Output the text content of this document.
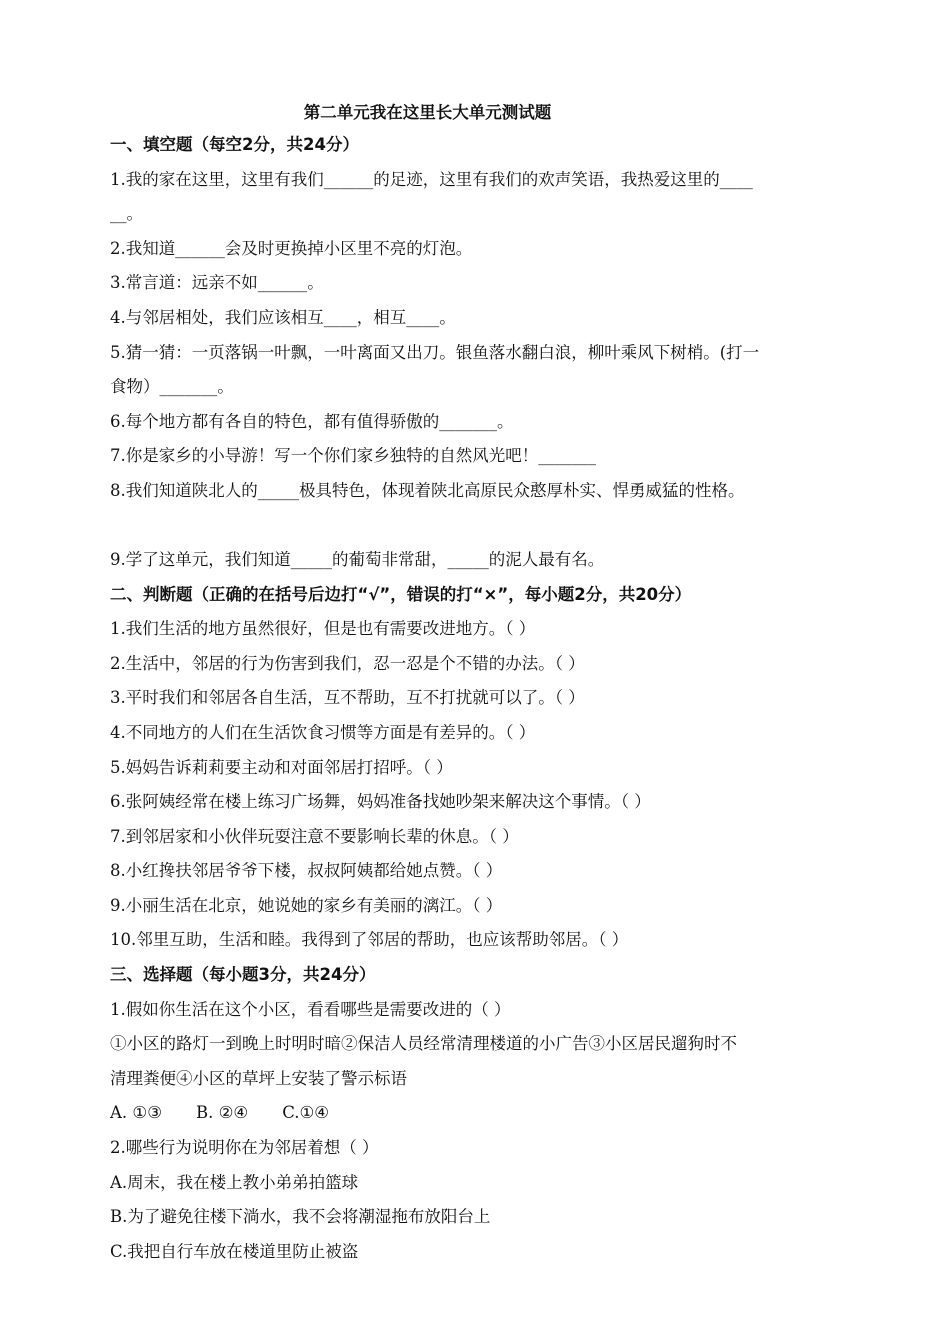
第二单元我在这里长大单元测试题
一、填空题（每空2分，共24分）
1.我的家在这里，这里有我们______的足迹，这里有我们的欢声笑语，我热爱这里的____
__。
2.我知道______会及时更换掉小区里不亮的灯泡。
3.常言道：远亲不如______。
4.与邻居相处，我们应该相互____，相互____。
5.猜一猜：一页落锅一叶飘，一叶离面又出刀。银鱼落水翻白浪，柳叶乘风下树梢。(打一
食物）_______。
6.每个地方都有各自的特色，都有值得骄傲的_______。
7.你是家乡的小导游！写一个你们家乡独特的自然风光吧！_______
8.我们知道陕北人的_____极具特色，体现着陕北高原民众憨厚朴实、悍勇威猛的性格。
9.学了这单元，我们知道_____的葡萄非常甜，_____的泥人最有名。
二、判断题（正确的在括号后边打“√”，错误的打“×”，每小题2分，共20分）
1.我们生活的地方虽然很好，但是也有需要改进地方。（ ）
2.生活中，邻居的行为伤害到我们，忍一忍是个不错的办法。（ ）
3.平时我们和邻居各自生活，互不帮助，互不打扰就可以了。（ ）
4.不同地方的人们在生活饮食习惯等方面是有差异的。（ ）
5.妈妈告诉莉莉要主动和对面邻居打招呼。（ ）
6.张阿姨经常在楼上练习广场舞，妈妈准备找她吵架来解决这个事情。（ ）
7.到邻居家和小伙伴玩耍注意不要影响长辈的休息。（ ）
8.小红搀扶邻居爷爷下楼，叔叔阿姨都给她点赞。（ ）
9.小丽生活在北京，她说她的家乡有美丽的漓江。（ ）
10.邻里互助，生活和睦。我得到了邻居的帮助，也应该帮助邻居。（ ）
三、选择题（每小题3分，共24分）
1.假如你生活在这个小区，看看哪些是需要改进的（ ）
①小区的路灯一到晚上时明时暗②保洁人员经常清理楼道的小广告③小区居民遛狗时不
清理粪便④小区的草坪上安装了警示标语
A. ①③ B. ②④ C.①④
2.哪些行为说明你在为邻居着想（ ）
A.周末，我在楼上教小弟弟拍篮球
B.为了避免往楼下淌水，我不会将潮湿拖布放阳台上
C.我把自行车放在楼道里防止被盗
